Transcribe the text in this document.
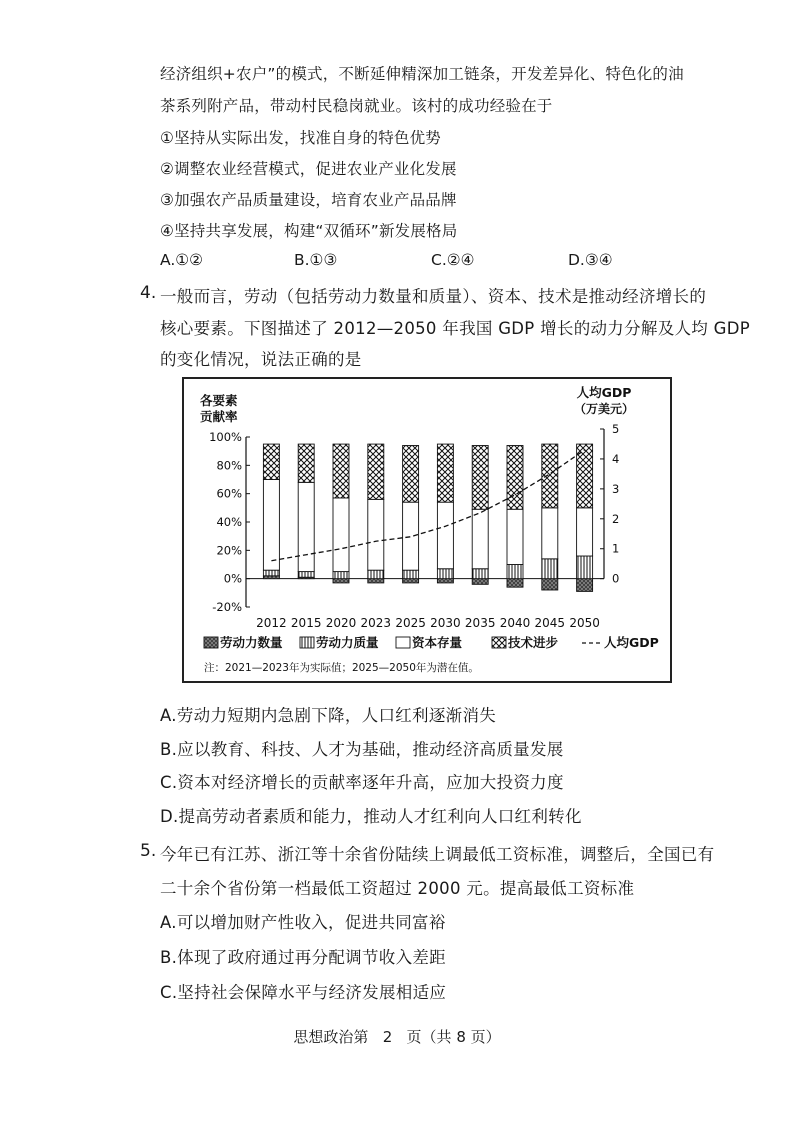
经济组织+农户”的模式，不断延伸精深加工链条，开发差异化、特色化的油
茶系列附产品，带动村民稳岗就业。该村的成功经验在于
①坚持从实际出发，找准自身的特色优势
②调整农业经营模式，促进农业产业化发展
③加强农产品质量建设，培育农业产品品牌
④坚持共享发展，构建“双循环”新发展格局
A.①②	B.①③	C.②④	D.③④
4. 一般而言，劳动（包括劳动力数量和质量）、资本、技术是推动经济增长的
核心要素。下图描述了 2012—2050 年我国 GDP 增长的动力分解及人均 GDP
的变化情况，说法正确的是
各要素
贡献率
人均GDP
（万美元）
100%
80%
60%
40%
20%
0%
-20%
5
4
3
2
1
0
2012 2015 2020 2023 2025 2030 2035 2040 2045 2050
劳动力数量	劳动力质量	资本存量	技术进步	人均GDP
注：2021—2023年为实际值；2025—2050年为潜在值。
A.劳动力短期内急剧下降，人口红利逐渐消失
B.应以教育、科技、人才为基础，推动经济高质量发展
C.资本对经济增长的贡献率逐年升高，应加大投资力度
D.提高劳动者素质和能力，推动人才红利向人口红利转化
5. 今年已有江苏、浙江等十余省份陆续上调最低工资标准，调整后，全国已有
二十余个省份第一档最低工资超过 2000 元。提高最低工资标准
A.可以增加财产性收入，促进共同富裕
B.体现了政府通过再分配调节收入差距
C.坚持社会保障水平与经济发展相适应
思想政治第 2 页（共 8 页）
